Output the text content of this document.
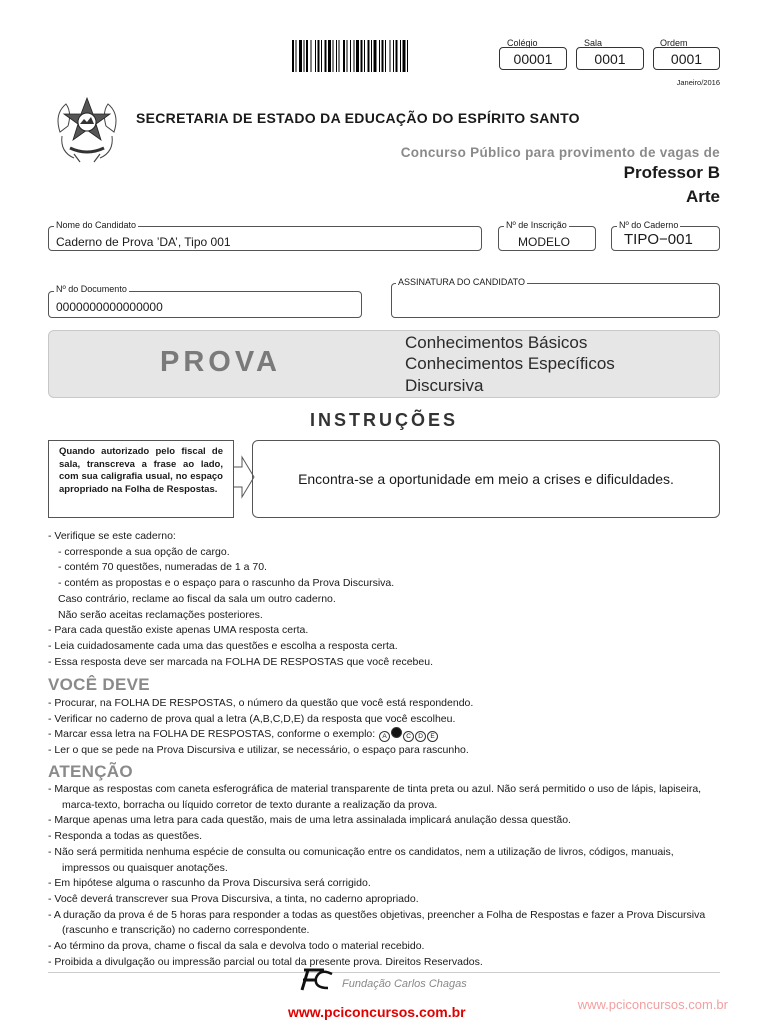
Colégio
00001
Sala
0001
Ordem
0001
Janeiro/2016
SECRETARIA DE ESTADO DA EDUCAÇÃO DO ESPÍRITO SANTO
Concurso Público para provimento de vagas de
Professor B
Arte
Nome do Candidato
Caderno de Prova ’DA’, Tipo 001
Nº de Inscrição
MODELO
Nº do Caderno
TIPO−001
Nº do Documento
0000000000000000
ASSINATURA DO CANDIDATO
PROVA
Conhecimentos Básicos
Conhecimentos Específicos
Discursiva
INSTRUÇÕES
Quando autorizado pelo fiscal de sala, transcreva a frase ao lado, com sua caligrafia usual, no espaço apropriado na Folha de Respostas.
Encontra-se a oportunidade em meio a crises e dificuldades.
- Verifique se este caderno:
- corresponde a sua opção de cargo.
- contém 70 questões, numeradas de 1 a 70.
- contém as propostas e o espaço para o rascunho da Prova Discursiva.
Caso contrário, reclame ao fiscal da sala um outro caderno.
Não serão aceitas reclamações posteriores.
- Para cada questão existe apenas UMA resposta certa.
- Leia cuidadosamente cada uma das questões e escolha a resposta certa.
- Essa resposta deve ser marcada na FOLHA DE RESPOSTAS que você recebeu.
VOCÊ DEVE
- Procurar, na FOLHA DE RESPOSTAS, o número da questão que você está respondendo.
- Verificar no caderno de prova qual a letra (A,B,C,D,E) da resposta que você escolheu.
- Marcar essa letra na FOLHA DE RESPOSTAS, conforme o exemplo: A	C D E
- Ler o que se pede na Prova Discursiva e utilizar, se necessário, o espaço para rascunho.
ATENÇÃO
- Marque as respostas com caneta esferográfica de material transparente de tinta preta ou azul. Não será permitido o uso de lápis, lapiseira, marca-texto, borracha ou líquido corretor de texto durante a realização da prova.
- Marque apenas uma letra para cada questão, mais de uma letra assinalada implicará anulação dessa questão.
- Responda a todas as questões.
- Não será permitida nenhuma espécie de consulta ou comunicação entre os candidatos, nem a utilização de livros, códigos, manuais, impressos ou quaisquer anotações.
- Em hipótese alguma o rascunho da Prova Discursiva será corrigido.
- Você deverá transcrever sua Prova Discursiva, a tinta, no caderno apropriado.
- A duração da prova é de 5 horas para responder a todas as questões objetivas, preencher a Folha de Respostas e fazer a Prova Discursiva (rascunho e transcrição) no caderno correspondente.
- Ao término da prova, chame o fiscal da sala e devolva todo o material recebido.
- Proibida a divulgação ou impressão parcial ou total da presente prova. Direitos Reservados.
Fundação Carlos Chagas
www.pciconcursos.com.br	www.pciconcursos.com.br
